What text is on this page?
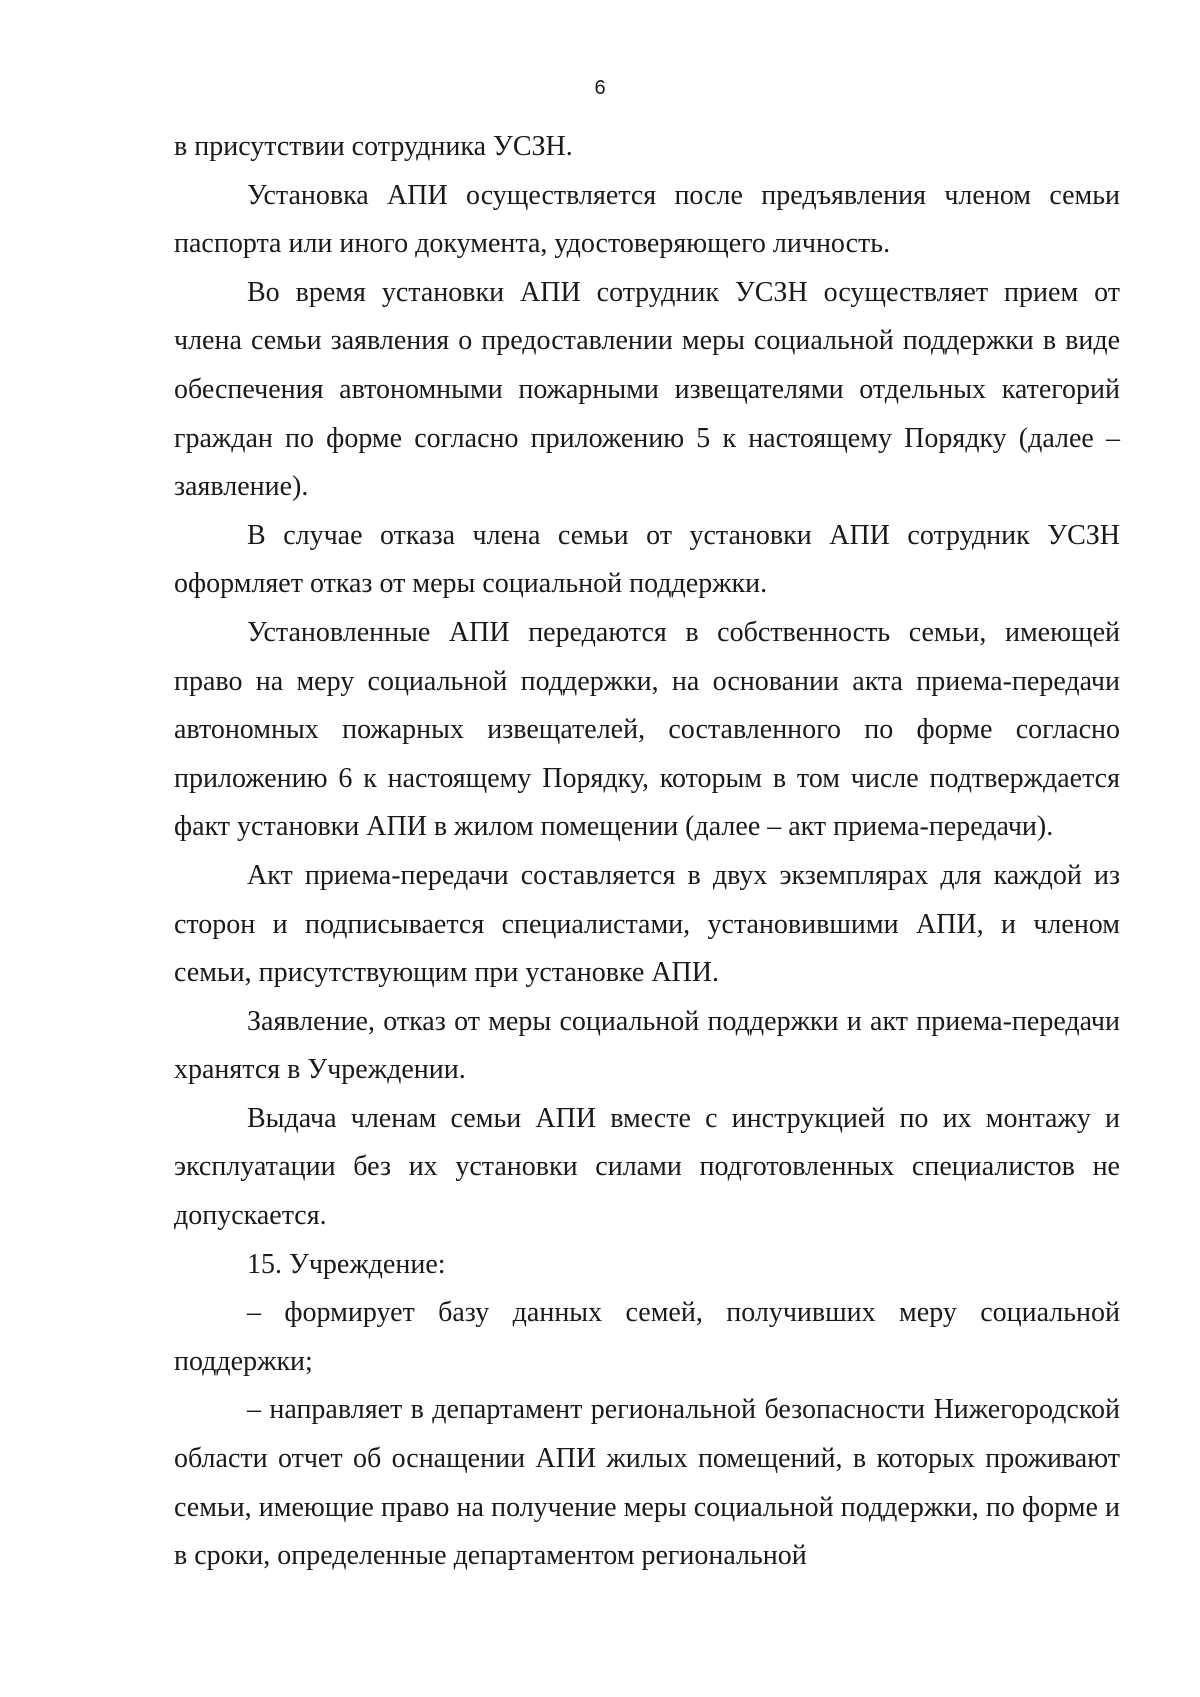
6

в присутствии сотрудника УСЗН.

Установка АПИ осуществляется после предъявления членом семьи паспорта или иного документа, удостоверяющего личность.

Во время установки АПИ сотрудник УСЗН осуществляет прием от члена семьи заявления о предоставлении меры социальной поддержки в виде обеспечения автономными пожарными извещателями отдельных категорий граждан по форме согласно приложению 5 к настоящему Порядку (далее – заявление).

В случае отказа члена семьи от установки АПИ сотрудник УСЗН оформляет отказ от меры социальной поддержки.

Установленные АПИ передаются в собственность семьи, имеющей право на меру социальной поддержки, на основании акта приема-передачи автономных пожарных извещателей, составленного по форме согласно приложению 6 к настоящему Порядку, которым в том числе подтверждается факт установки АПИ в жилом помещении (далее – акт приема-передачи).

Акт приема-передачи составляется в двух экземплярах для каждой из сторон и подписывается специалистами, установившими АПИ, и членом семьи, присутствующим при установке АПИ.

Заявление, отказ от меры социальной поддержки и акт приема-передачи хранятся в Учреждении.

Выдача членам семьи АПИ вместе с инструкцией по их монтажу и эксплуатации без их установки силами подготовленных специалистов не допускается.

15. Учреждение:

– формирует базу данных семей, получивших меру социальной поддержки;

– направляет в департамент региональной безопасности Нижегородской области отчет об оснащении АПИ жилых помещений, в которых проживают семьи, имеющие право на получение меры социальной поддержки, по форме и в сроки, определенные департаментом региональной
